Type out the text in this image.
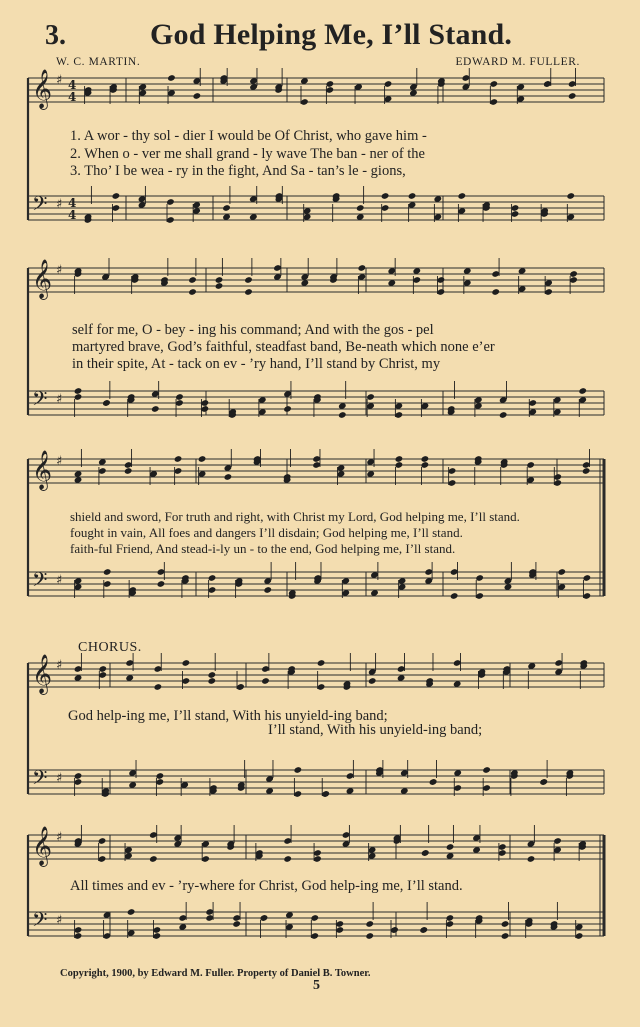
3.	God Helping Me, I’ll Stand.
W. C. MARTIN.	EDWARD M. FULLER.
𝄞 ♯ 4
4
𝄢 ♯ 4
4
𝄞 ♯
𝄢 ♯
𝄞 ♯
𝄢 ♯
𝄞 ♯
𝄢 ♯
𝄞 ♯
𝄢 ♯
1. A wor - thy sol - dier I would be Of Christ, who gave him -
2. When o - ver me shall grand - ly wave The ban - ner of the
3. Tho’ I be wea - ry in the fight, And Sa - tan’s le - gions,
self for me, O - bey - ing his command; And with the gos - pel
martyred brave, God’s faithful, steadfast band, Be-neath which none e’er
in their spite, At - tack on ev - ’ry hand, I’ll stand by Christ, my
shield and sword, For truth and right, with Christ my Lord, God helping me, I’ll stand.
fought in vain, All foes and dangers I’ll disdain; God helping me, I’ll stand.
faith-ful Friend, And stead-i-ly un - to the end, God helping me, I’ll stand.
CHORUS.
God help-ing me, I’ll stand, With his unyield-ing band;
I’ll stand, With his unyield-ing band;
All times and ev - ’ry-where for Christ, God help-ing me, I’ll stand.
Copyright, 1900, by Edward M. Fuller. Property of Daniel B. Towner.
5
